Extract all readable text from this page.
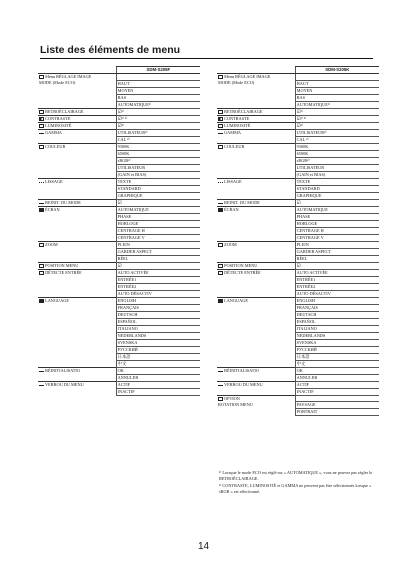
Liste des éléments de menu
	SDM-S205F
Menu RÉGLAGE IMAGE	
MODE (Mode ECO)	HAUT
	MOYEN
	BAS
	AUTOMATIQUE¹⁾
RETROÉCLAIRAGE	☑¹⁾
CONTRASTE	☑¹⁾ ²⁾
LUMINOSITÉ	☑²⁾
GAMMA	UTILISATEUR²⁾
	CAL ²⁾
COULEUR	9300K
	6500K
	sRGB²⁾
	UTILISATEUR
	(GAIN et BIAS)
LISSAGE	TEXTE
	STANDARD
	GRAPHIQUE
REINIT. DU MODE	☑
ÉCRAN	AUTOMATIQUE
	PHASE
	HORLOGE
	CENTRAGE H
	CENTRAGE V
ZOOM	PLEIN
	GARDER ASPECT
	RÉEL
POSITION MENU	☑
DÉTECTE ENTRÉE	AUTO ACTIVÉE
	ENTRÉE1
	ENTRÉE2
	AUTO DÉSACTIV
LANGUAGE	ENGLISH
	FRANÇAIS
	DEUTSCH
	ESPAÑOL
	ITALIANO
	NEDERLANDS
	SVENSKA
	РУССКИЙ
	日本語
	中文
RÉINITIALISATIO	OK
	ANNULER
VERROU DU MENU	ACTIF
	INACTIF
	SDM-S205K
Menu RÉGLAGE IMAGE	
MODE (Mode ECO)	HAUT
	MOYEN
	BAS
	AUTOMATIQUE¹⁾
RETROÉCLAIRAGE	☑¹⁾
CONTRASTE	☑¹⁾ ²⁾
LUMINOSITÉ	☑²⁾
GAMMA	UTILISATEUR²⁾
	CAL ²⁾
COULEUR	9300K
	6500K
	sRGB²⁾
	UTILISATEUR
	(GAIN et BIAS)
LISSAGE	TEXTE
	STANDARD
	GRAPHIQUE
REINIT. DU MODE	☑
ÉCRAN	AUTOMATIQUE
	PHASE
	HORLOGE
	CENTRAGE H
	CENTRAGE V
ZOOM	PLEIN
	GARDER ASPECT
	RÉEL
POSITION MENU	☑
DÉTECTE ENTRÉE	AUTO ACTIVÉE
	ENTRÉE1
	ENTRÉE2
	AUTO DÉSACTIV
LANGUAGE	ENGLISH
	FRANÇAIS
	DEUTSCH
	ESPAÑOL
	ITALIANO
	NEDERLANDS
	SVENSKA
	РУССКИЙ
	日本語
	中文
RÉINITIALISATIO	OK
	ANNULER
VERROU DU MENU	ACTIF
	INACTIF
OPTION	
ROTATION MENU	PAYSAGE
	PORTRAIT

¹⁾ Lorsque le mode ECO est réglé sur « AUTOMATIQUE », vous ne pouvez pas régler le RETROÉCLAIRAGE.

²⁾ CONTRASTE, LUMINOSITÉ et GAMMA ne peuvent pas être sélectionnés lorsque « sRGB » est sélectionné.

14
